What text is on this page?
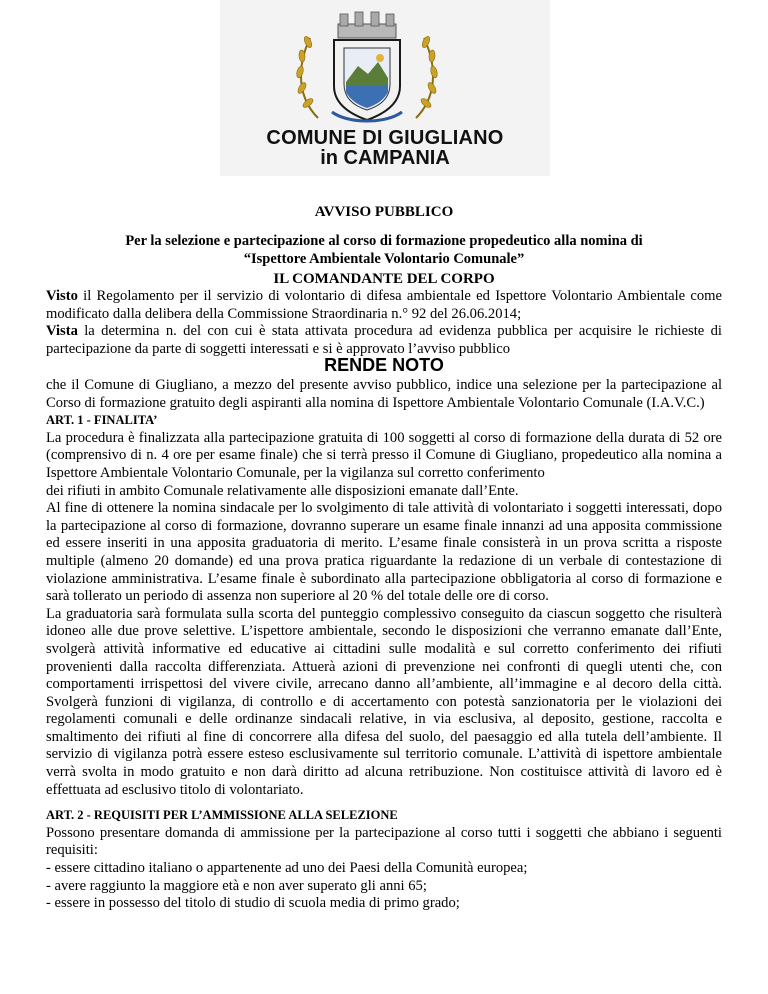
COMUNE DI GIUGLIANO
in CAMPANIA
AVVISO PUBBLICO
Per la selezione e partecipazione al corso di formazione propedeutico alla nomina di
“Ispettore Ambientale Volontario Comunale”
IL COMANDANTE DEL CORPO

Visto il Regolamento per il servizio di volontario di difesa ambientale ed Ispettore Volontario Ambientale come modificato dalla delibera della Commissione Straordinaria n.° 92 del 26.06.2014;

Vista la determina n. del con cui è stata attivata procedura ad evidenza pubblica per acquisire le richieste di partecipazione da parte di soggetti interessati e si è approvato l’avviso pubblico

RENDE NOTO

che il Comune di Giugliano, a mezzo del presente avviso pubblico, indice una selezione per la partecipazione al Corso di formazione gratuito degli aspiranti alla nomina di Ispettore Ambientale Volontario Comunale (I.A.V.C.)

ART. 1 - FINALITA’

La procedura è finalizzata alla partecipazione gratuita di 100 soggetti al corso di formazione della durata di 52 ore (comprensivo di n. 4 ore per esame finale) che si terrà presso il Comune di Giugliano, propedeutico alla nomina a Ispettore Ambientale Volontario Comunale, per la vigilanza sul corretto conferimento

dei rifiuti in ambito Comunale relativamente alle disposizioni emanate dall’Ente.

Al fine di ottenere la nomina sindacale per lo svolgimento di tale attività di volontariato i soggetti interessati, dopo la partecipazione al corso di formazione, dovranno superare un esame finale innanzi ad una apposita commissione ed essere inseriti in una apposita graduatoria di merito. L’esame finale consisterà in un prova scritta a risposte multiple (almeno 20 domande) ed una prova pratica riguardante la redazione di un verbale di contestazione di violazione amministrativa. L’esame finale è subordinato alla partecipazione obbligatoria al corso di formazione e sarà tollerato un periodo di assenza non superiore al 20 % del totale delle ore di corso.

La graduatoria sarà formulata sulla scorta del punteggio complessivo conseguito da ciascun soggetto che risulterà idoneo alle due prove selettive. L’ispettore ambientale, secondo le disposizioni che verranno emanate dall’Ente, svolgerà attività informative ed educative ai cittadini sulle modalità e sul corretto conferimento dei rifiuti provenienti dalla raccolta differenziata. Attuerà azioni di prevenzione nei confronti di quegli utenti che, con comportamenti irrispettosi del vivere civile, arrecano danno all’ambiente, all’immagine e al decoro della città. Svolgerà funzioni di vigilanza, di controllo e di accertamento con potestà sanzionatoria per le violazioni dei regolamenti comunali e delle ordinanze sindacali relative, in via esclusiva, al deposito, gestione, raccolta e smaltimento dei rifiuti al fine di concorrere alla difesa del suolo, del paesaggio ed alla tutela dell’ambiente. Il servizio di vigilanza potrà essere esteso esclusivamente sul territorio comunale. L’attività di ispettore ambientale verrà svolta in modo gratuito e non darà diritto ad alcuna retribuzione. Non costituisce attività di lavoro ed è effettuata ad esclusivo titolo di volontariato.

ART. 2 - REQUISITI PER L’AMMISSIONE ALLA SELEZIONE

Possono presentare domanda di ammissione per la partecipazione al corso tutti i soggetti che abbiano i seguenti requisiti:

- essere cittadino italiano o appartenente ad uno dei Paesi della Comunità europea;

- avere raggiunto la maggiore età e non aver superato gli anni 65;

- essere in possesso del titolo di studio di scuola media di primo grado;
